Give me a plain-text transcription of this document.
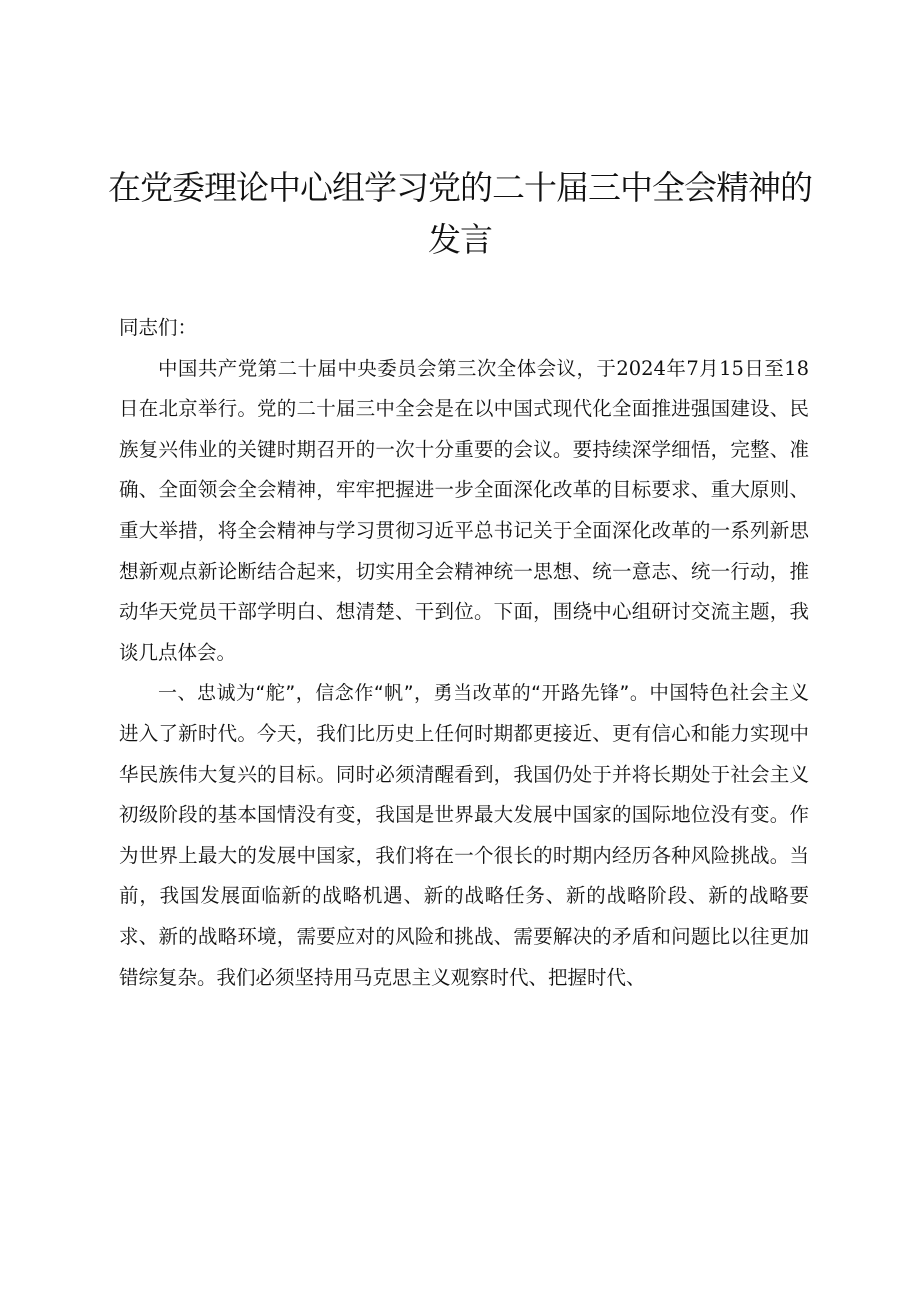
在党委理论中心组学习党的二十届三中全会精神的发言

同志们：

中国共产党第二十届中央委员会第三次全体会议，于2024年7月15日至18日在北京举行。党的二十届三中全会是在以中国式现代化全面推进强国建设、民族复兴伟业的关键时期召开的一次十分重要的会议。要持续深学细悟，完整、准确、全面领会全会精神，牢牢把握进一步全面深化改革的目标要求、重大原则、重大举措，将全会精神与学习贯彻习近平总书记关于全面深化改革的一系列新思想新观点新论断结合起来，切实用全会精神统一思想、统一意志、统一行动，推动华天党员干部学明白、想清楚、干到位。下面，围绕中心组研讨交流主题，我谈几点体会。

一、忠诚为“舵”，信念作“帆”，勇当改革的“开路先锋”。中国特色社会主义进入了新时代。今天，我们比历史上任何时期都更接近、更有信心和能力实现中华民族伟大复兴的目标。同时必须清醒看到，我国仍处于并将长期处于社会主义初级阶段的基本国情没有变，我国是世界最大发展中国家的国际地位没有变。作为世界上最大的发展中国家，我们将在一个很长的时期内经历各种风险挑战。当前，我国发展面临新的战略机遇、新的战略任务、新的战略阶段、新的战略要求、新的战略环境，需要应对的风险和挑战、需要解决的矛盾和问题比以往更加错综复杂。我们必须坚持用马克思主义观察时代、把握时代、
